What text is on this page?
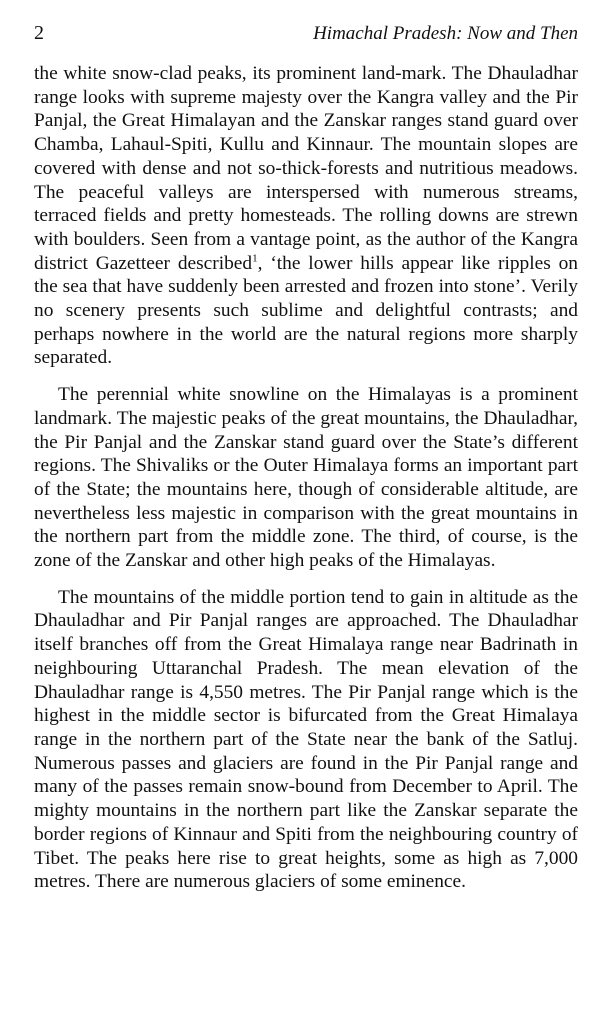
2	Himachal Pradesh: Now and Then

the white snow-clad peaks, its prominent land-mark. The Dhauladhar range looks with supreme majesty over the Kangra valley and the Pir Panjal, the Great Himalayan and the Zanskar ranges stand guard over Chamba, Lahaul-Spiti, Kullu and Kinnaur. The mountain slopes are covered with dense and not so-thick-forests and nutritious meadows. The peaceful valleys are interspersed with numerous streams, terraced fields and pretty homesteads. The rolling downs are strewn with boulders. Seen from a vantage point, as the author of the Kangra district Gazetteer described$^1$, ‘the lower hills appear like ripples on the sea that have suddenly been arrested and frozen into stone’. Verily no scenery presents such sublime and delightful contrasts; and perhaps nowhere in the world are the natural regions more sharply separated.

The perennial white snowline on the Himalayas is a prominent landmark. The majestic peaks of the great mountains, the Dhauladhar, the Pir Panjal and the Zanskar stand guard over the State’s different regions. The Shivaliks or the Outer Himalaya forms an important part of the State; the mountains here, though of considerable altitude, are nevertheless less majestic in comparison with the great mountains in the northern part from the middle zone. The third, of course, is the zone of the Zanskar and other high peaks of the Himalayas.

The mountains of the middle portion tend to gain in altitude as the Dhauladhar and Pir Panjal ranges are approached. The Dhauladhar itself branches off from the Great Himalaya range near Badrinath in neighbouring Uttaranchal Pradesh. The mean elevation of the Dhauladhar range is 4,550 metres. The Pir Panjal range which is the highest in the middle sector is bifurcated from the Great Himalaya range in the northern part of the State near the bank of the Satluj. Numerous passes and glaciers are found in the Pir Panjal range and many of the passes remain snow-bound from December to April. The mighty mountains in the northern part like the Zanskar separate the border regions of Kinnaur and Spiti from the neighbouring country of Tibet. The peaks here rise to great heights, some as high as 7,000 metres. There are numerous glaciers of some eminence.
